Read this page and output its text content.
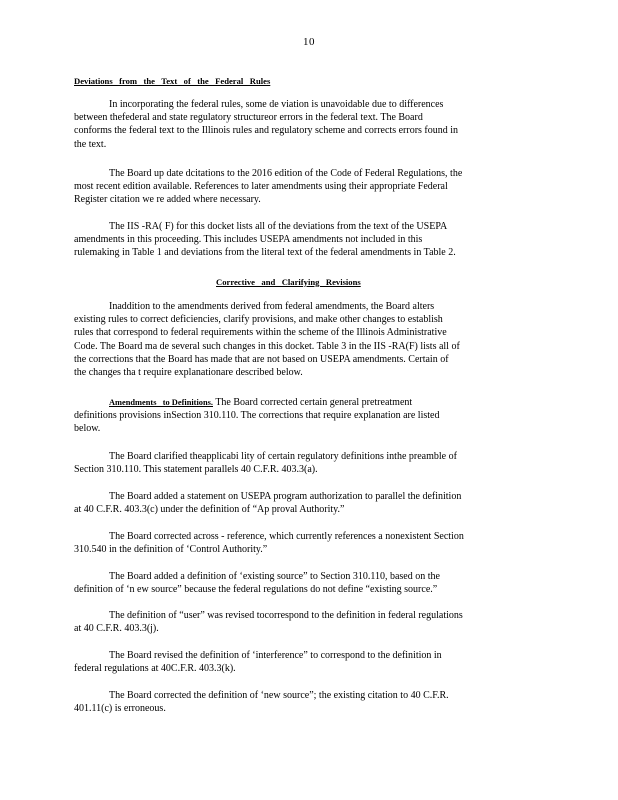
10
Deviations   from   the   Text   of   the   Federal   Rules
In incorporating the federal rules, some de viation is unavoidable due to differences
between thefederal and state regulatory structureor errors in the federal text. The Board
conforms the federal text to the Illinois rules and regulatory scheme and corrects errors found in
the text.
The Board up date dcitations to the 2016 edition of the Code of Federal Regulations, the
most recent edition available. References to later amendments using their appropriate Federal
Register citation we re added where necessary.
The IIS -RA( F) for this docket lists all of the deviations from the text of the USEPA
amendments in this proceeding. This includes USEPA amendments not included in this
rulemaking in Table 1 and deviations from the literal text of the federal amendments in Table 2.
Corrective   and   Clarifying   Revisions
Inaddition to the amendments derived from federal amendments, the Board alters
existing rules to correct deficiencies, clarify provisions, and make other changes to establish
rules that correspond to federal requirements within the scheme of the Illinois Administrative
Code. The Board ma de several such changes in this docket. Table 3 in the IIS -RA(F) lists all of
the corrections that the Board has made that are not based on USEPA amendments. Certain of
the changes tha t require explanationare described below.
Amendments   to Definitions. The Board corrected certain general pretreatment
definitions provisions inSection 310.110. The corrections that require explanation are listed
below.
The Board clarified theapplicabi lity of certain regulatory definitions inthe preamble of
Section 310.110. This statement parallels 40 C.F.R. 403.3(a).
The Board added a statement on USEPA program authorization to parallel the definition
at 40 C.F.R. 403.3(c) under the definition of “Ap proval Authority.”
The Board corrected across - reference, which currently references a nonexistent Section
310.540 in the definition of ‘Control Authority.”
The Board added a definition of ‘existing source” to Section 310.110, based on the
definition of ‘n ew source” because the federal regulations do not define “existing source.”
The definition of “user” was revised tocorrespond to the definition in federal regulations
at 40 C.F.R. 403.3(j).
The Board revised the definition of ‘interference” to correspond to the definition in
federal regulations at 40C.F.R. 403.3(k).
The Board corrected the definition of ‘new source”; the existing citation to 40 C.F.R.
401.11(c) is erroneous.
